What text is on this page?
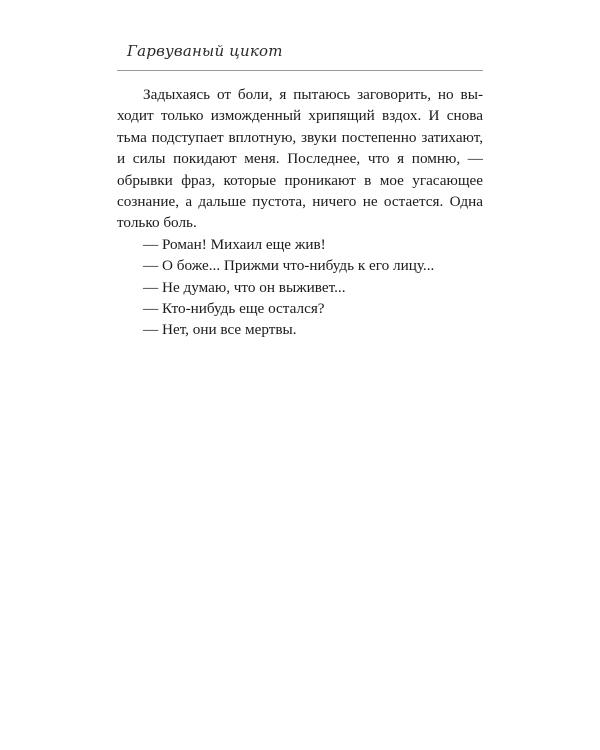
Гарвуваный цикот

Задыхаясь от боли, я пытаюсь заговорить, но выходит только изможденный хрипящий вздох. И снова тьма подступает вплотную, звуки постепенно затихают, и силы покидают меня. Последнее, что я помню, — обрывки фраз, которые проникают в мое угасающее сознание, а дальше пустота, ничего не остается. Одна только боль.

— Роман! Михаил еще жив!
— О боже... Прижми что-нибудь к его лицу...
— Не думаю, что он выживет...
— Кто-нибудь еще остался?
— Нет, они все мертвы.
